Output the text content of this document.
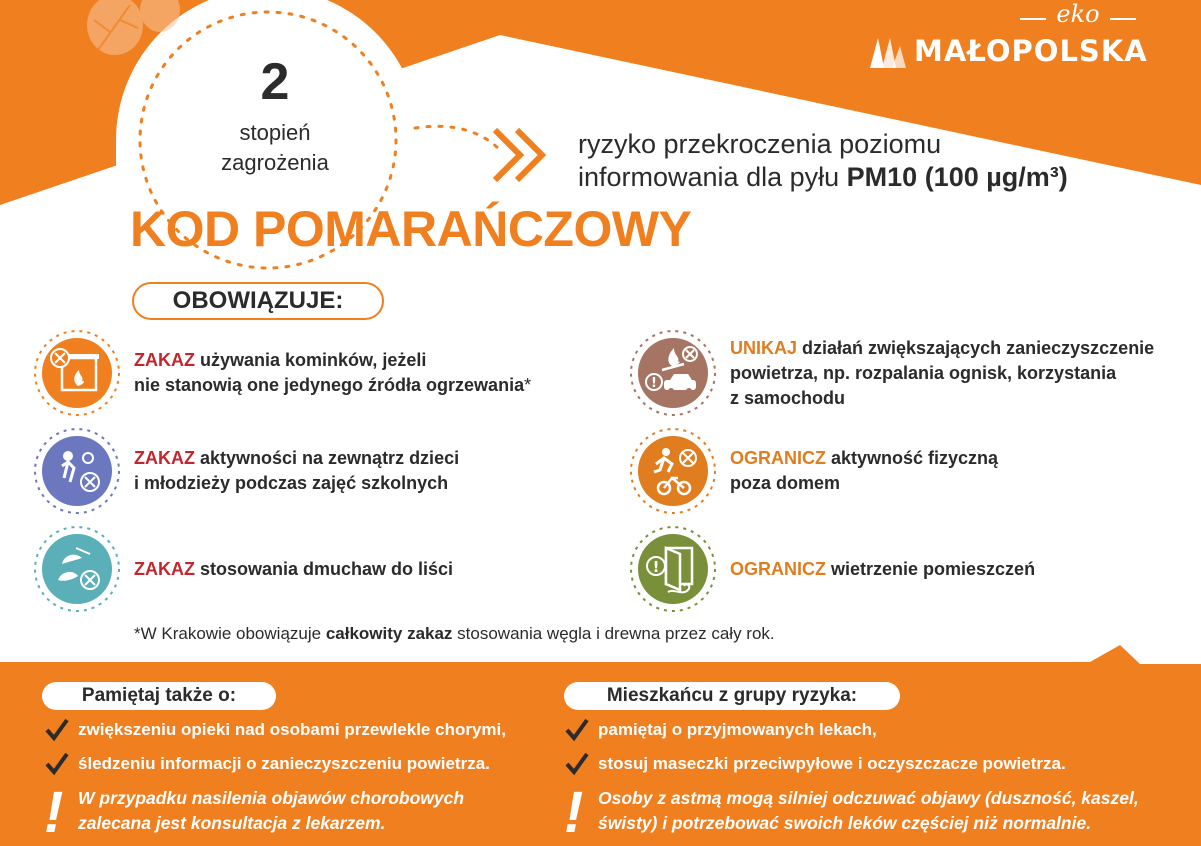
eko
MAŁOPOLSKA
2
stopień
zagrożenia
ryzyko przekroczenia poziomu
informowania dla pyłu PM10 (100 µg/m³)
KOD POMARAŃCZOWY
OBOWIĄZUJE:
ZAKAZ używania kominków, jeżeli
nie stanowią one jedynego źródła ogrzewania*
ZAKAZ aktywności na zewnątrz dzieci
i młodzieży podczas zajęć szkolnych
ZAKAZ stosowania dmuchaw do liści
!
UNIKAJ działań zwiększających zanieczyszczenie
powietrza, np. rozpalania ognisk, korzystania
z samochodu
OGRANICZ aktywność fizyczną
poza domem
!	OGRANICZ wietrzenie pomieszczeń
*W Krakowie obowiązuje całkowity zakaz stosowania węgla i drewna przez cały rok.
Pamiętaj także o:
zwiększeniu opieki nad osobami przewlekle chorymi,
śledzeniu informacji o zanieczyszczeniu powietrza.
! W przypadku nasilenia objawów chorobowych
zalecana jest konsultacja z lekarzem.
Mieszkańcu z grupy ryzyka:
pamiętaj o przyjmowanych lekach,
stosuj maseczki przeciwpyłowe i oczyszczacze powietrza.
! Osoby z astmą mogą silniej odczuwać objawy (duszność, kaszel,
świsty) i potrzebować swoich leków częściej niż normalnie.
